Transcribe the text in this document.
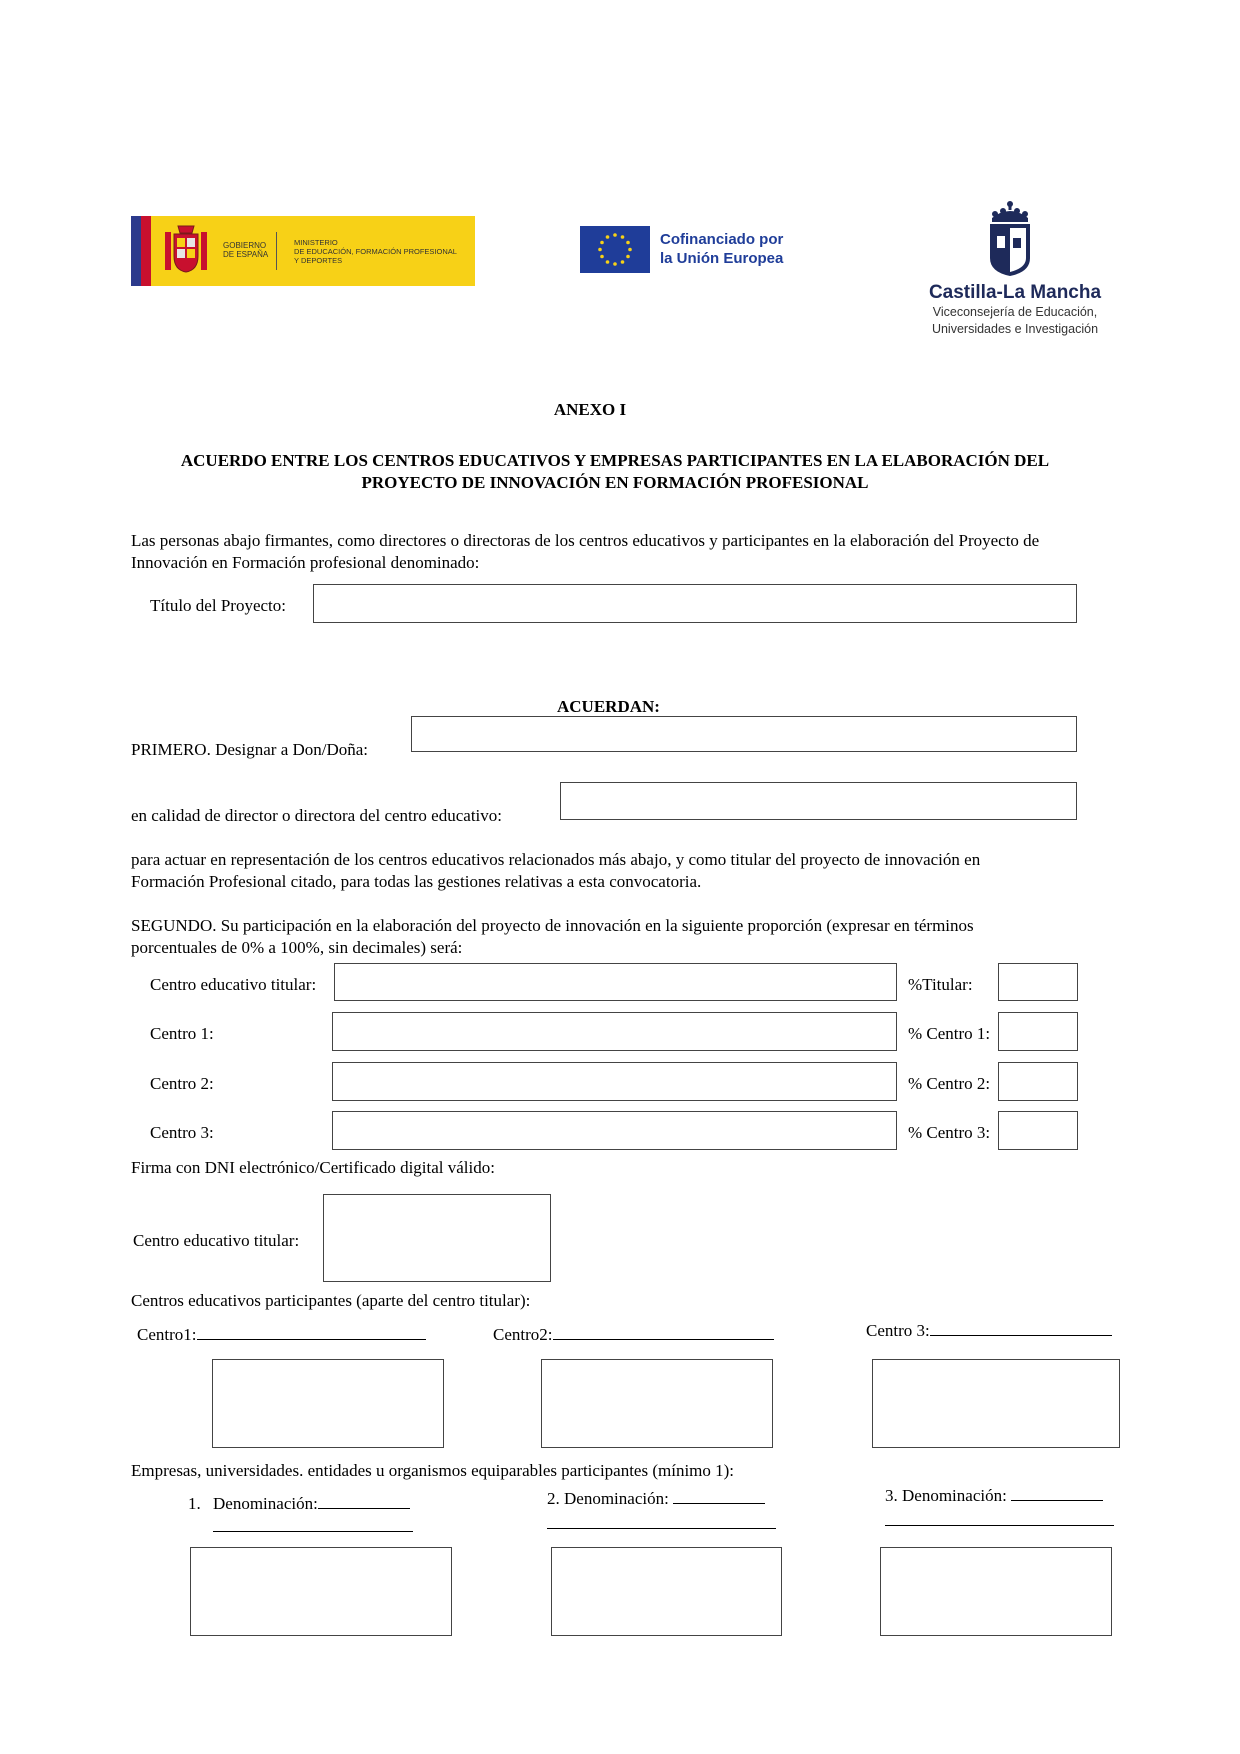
GOBIERNO
DE ESPAÑA
MINISTERIO
DE EDUCACIÓN, FORMACIÓN PROFESIONAL
Y DEPORTES
Cofinanciado por
la Unión Europea
Castilla-La Mancha
Viceconsejería de Educación,
Universidades e Investigación
ANEXO I
ACUERDO ENTRE LOS CENTROS EDUCATIVOS Y EMPRESAS PARTICIPANTES EN LA ELABORACIÓN DEL
PROYECTO DE INNOVACIÓN EN FORMACIÓN PROFESIONAL
Las personas abajo firmantes, como directores o directoras de los centros educativos y participantes en la elaboración del Proyecto de
Innovación en Formación profesional denominado:
Título del Proyecto:
ACUERDAN:
PRIMERO. Designar a Don/Doña:
en calidad de director o directora del centro educativo:
para actuar en representación de los centros educativos relacionados más abajo, y como titular del proyecto de innovación en
Formación Profesional citado, para todas las gestiones relativas a esta convocatoria.
SEGUNDO. Su participación en la elaboración del proyecto de innovación en la siguiente proporción (expresar en términos
porcentuales de 0% a 100%, sin decimales) será:
Centro educativo titular:	%Titular:
Centro 1:	% Centro 1:
Centro 2:	% Centro 2:
Centro 3:	% Centro 3:
Firma con DNI electrónico/Certificado digital válido:
Centro educativo titular:
Centros educativos participantes (aparte del centro titular):
Centro1:	Centro2:	Centro 3:
Empresas, universidades. entidades u organismos equiparables participantes (mínimo 1):
1. Denominación:	2. Denominación:	3. Denominación:
